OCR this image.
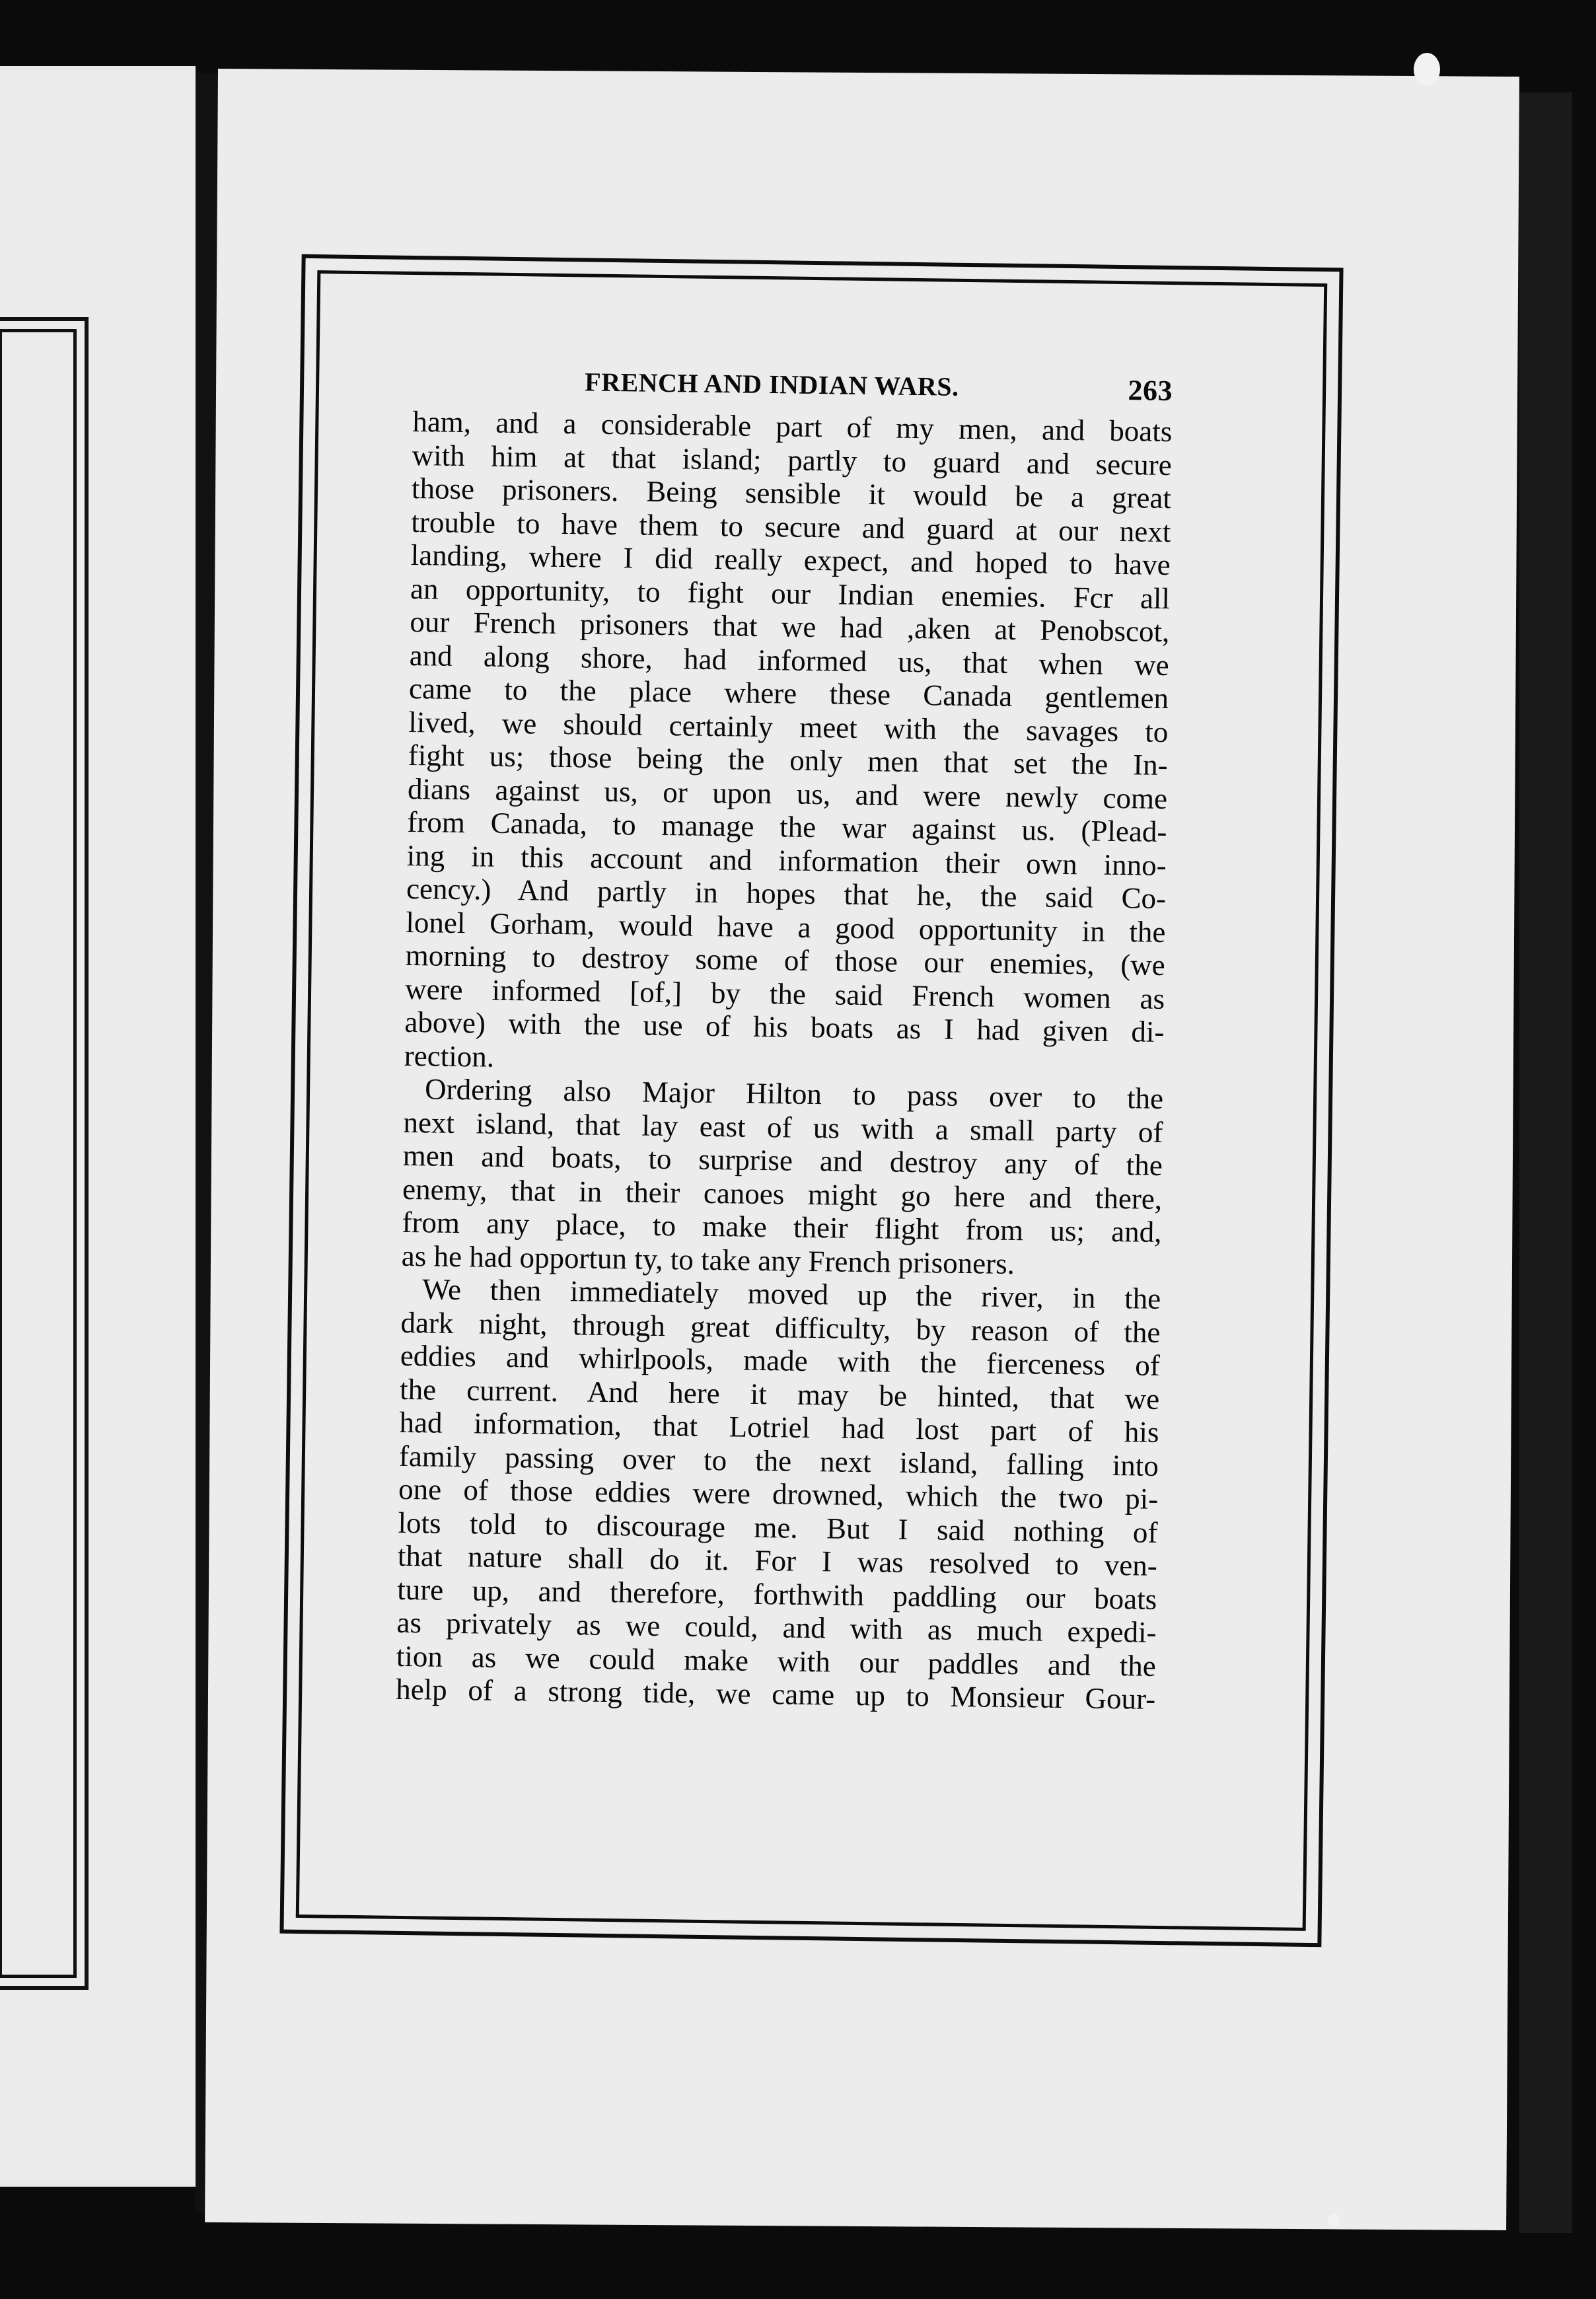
FRENCH AND INDIAN WARS.	263
ham, and a considerable part of my men, and boats
with him at that island; partly to guard and secure
those prisoners. Being sensible it would be a great
trouble to have them to secure and guard at our next
landing, where I did really expect, and hoped to have
an opportunity, to fight our Indian enemies. Fcr all
our French prisoners that we had ,aken at Penobscot,
and along shore, had informed us, that when we
came to the place where these Canada gentlemen
lived, we should certainly meet with the savages to
fight us; those being the only men that set the In-
dians against us, or upon us, and were newly come
from Canada, to manage the war against us. (Plead-
ing in this account and information their own inno-
cency.) And partly in hopes that he, the said Co-
lonel Gorham, would have a good opportunity in the
morning to destroy some of those our enemies, (we
were informed [of,] by the said French women as
above) with the use of his boats as I had given di-
rection.
Ordering also Major Hilton to pass over to the
next island, that lay east of us with a small party of
men and boats, to surprise and destroy any of the
enemy, that in their canoes might go here and there,
from any place, to make their flight from us; and,
as he had opportun ty, to take any French prisoners.
We then immediately moved up the river, in the
dark night, through great difficulty, by reason of the
eddies and whirlpools, made with the fierceness of
the current. And here it may be hinted, that we
had information, that Lotriel had lost part of his
family passing over to the next island, falling into
one of those eddies were drowned, which the two pi-
lots told to discourage me. But I said nothing of
that nature shall do it. For I was resolved to ven-
ture up, and therefore, forthwith paddling our boats
as privately as we could, and with as much expedi-
tion as we could make with our paddles and the
help of a strong tide, we came up to Monsieur Gour-
